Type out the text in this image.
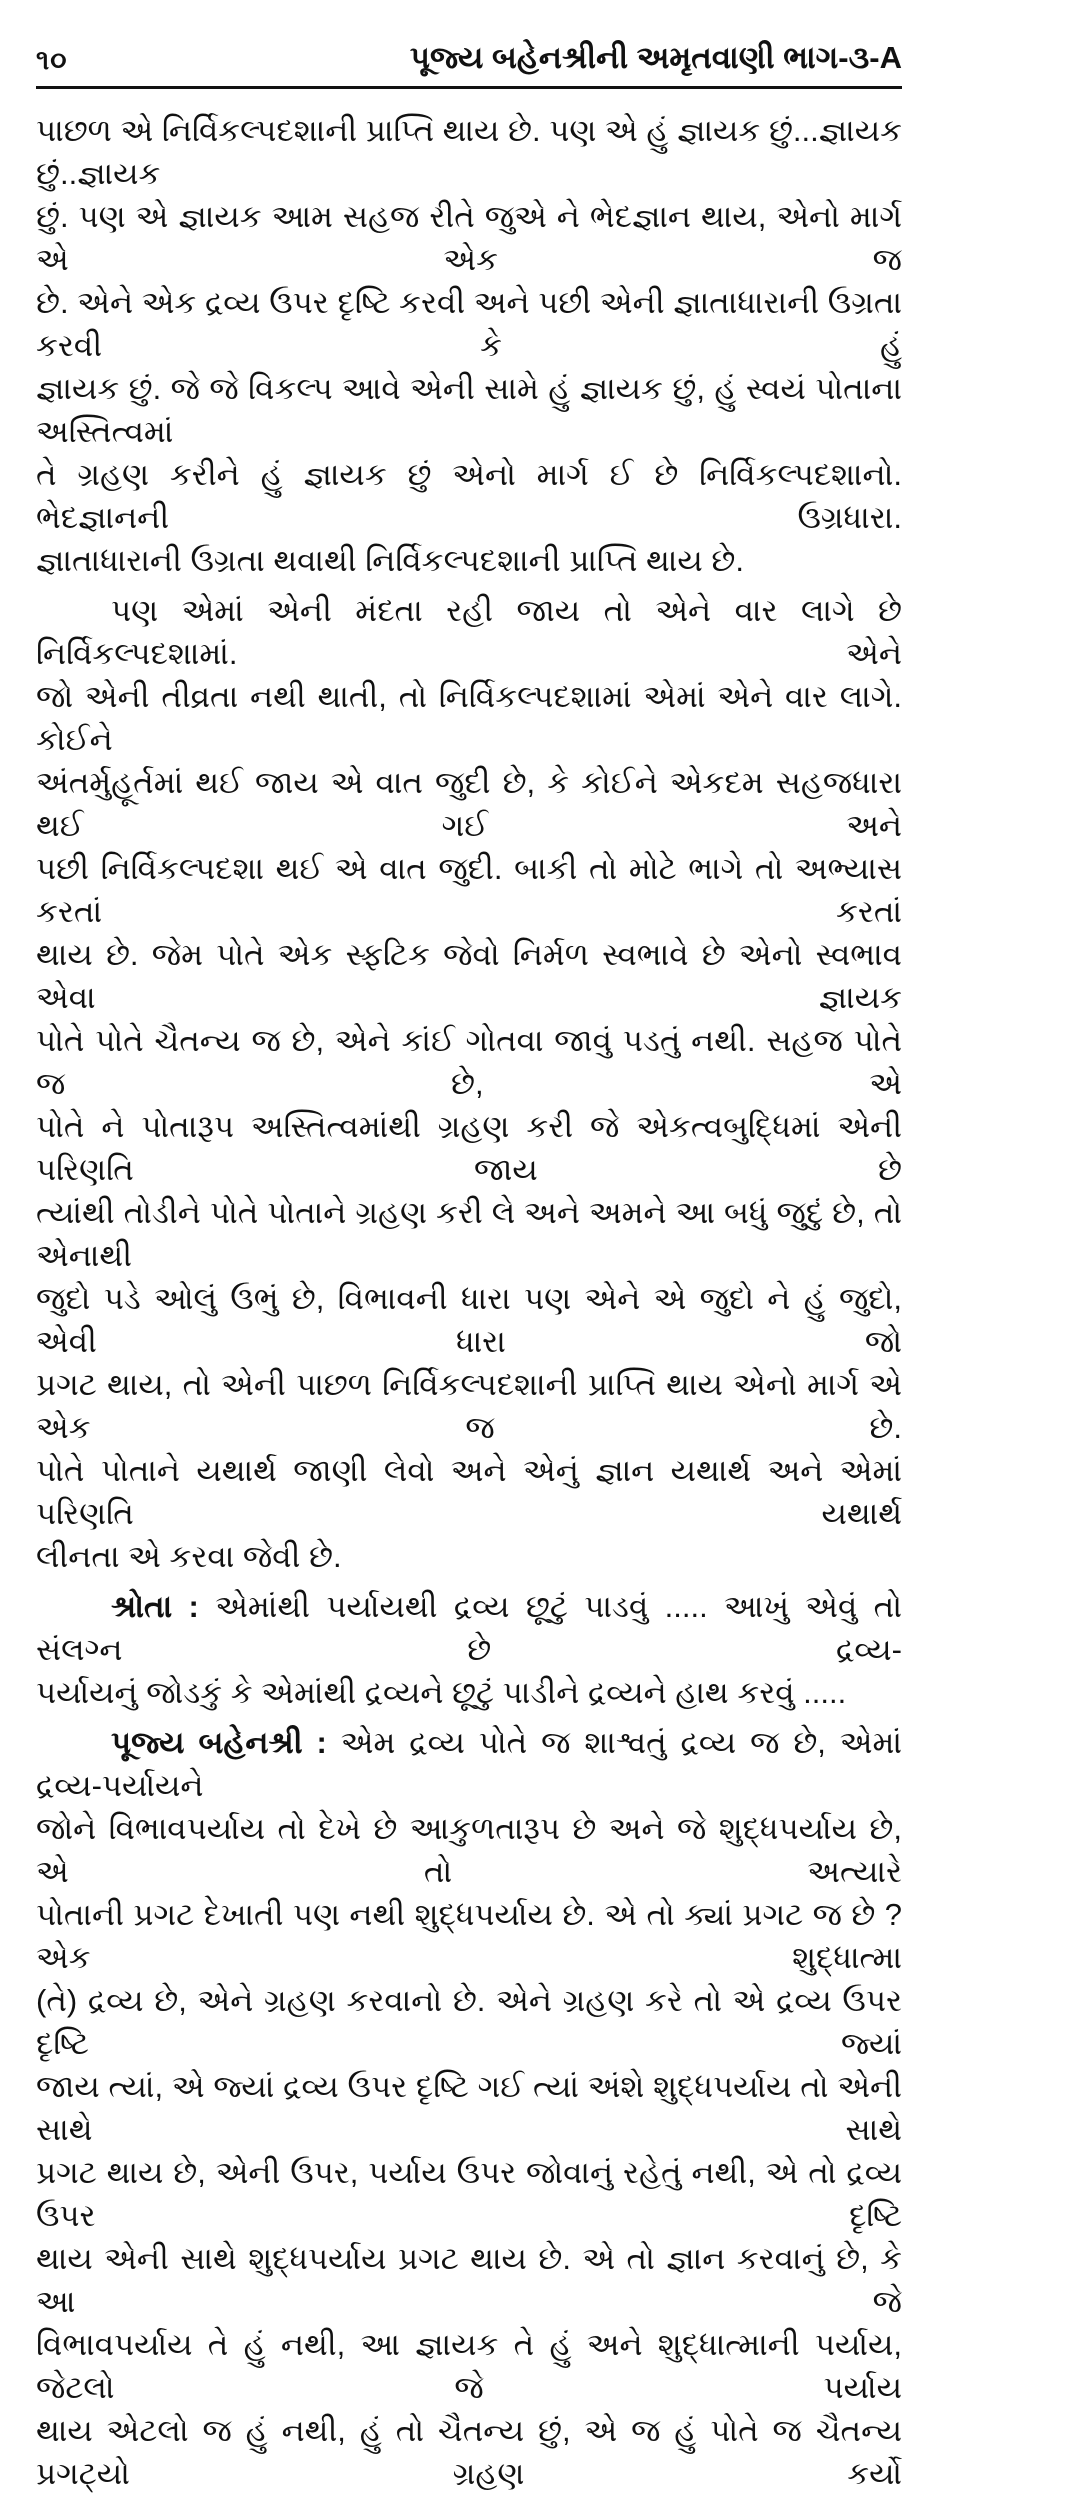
૧૦	પૂજ્ય બહેનશ્રીની અમૃતવાણી ભાગ-૩-A
પાછળ એ નિર્વિકલ્પદશાની પ્રાપ્તિ થાય છે. પણ એ હું જ્ઞાયક છું...જ્ઞાયક છું..જ્ઞાયક
છું. પણ એ જ્ઞાયક આમ સહજ રીતે જુએ ને ભેદજ્ઞાન થાય, એનો માર્ગ એ એક જ
છે. એને એક દ્રવ્ય ઉપર દૃષ્ટિ કરવી અને પછી એની જ્ઞાતાધારાની ઉગ્રતા કરવી કે હું
જ્ઞાયક છું. જે જે વિકલ્પ આવે એની સામે હું જ્ઞાયક છું, હું સ્વયં પોતાના અસ્તિત્વમાં
તે ગ્રહણ કરીને હું જ્ઞાયક છું એનો માર્ગ ઈ છે નિર્વિકલ્પદશાનો. ભેદજ્ઞાનની ઉગ્રધારા.
જ્ઞાતાધારાની ઉગ્રતા થવાથી નિર્વિકલ્પદશાની પ્રાપ્તિ થાય છે.
પણ એમાં એની મંદતા રહી જાય તો એને વાર લાગે છે નિર્વિકલ્પદશામાં. એને
જો એની તીવ્રતા નથી થાતી, તો નિર્વિકલ્પદશામાં એમાં એને વાર લાગે. કોઈને
અંતર્મુહૂર્તમાં થઈ જાય એ વાત જુદી છે, કે કોઈને એકદમ સહજધારા થઈ ગઈ અને
પછી નિર્વિકલ્પદશા થઈ એ વાત જુદી. બાકી તો મોટે ભાગે તો અભ્યાસ કરતાં કરતાં
થાય છે. જેમ પોતે એક સ્ફટિક જેવો નિર્મળ સ્વભાવે છે એનો સ્વભાવ એવા જ્ઞાયક
પોતે પોતે ચૈતન્ય જ છે, એને કાંઈ ગોતવા જાવું પડતું નથી. સહજ પોતે જ છે, એ
પોતે ને પોતારૂપ અસ્તિત્વમાંથી ગ્રહણ કરી જે એકત્વબુદ્ધિમાં એની પરિણતિ જાય છે
ત્યાંથી તોડીને પોતે પોતાને ગ્રહણ કરી લે અને અમને આ બધું જુદું છે, તો એનાથી
જુદો પડે ઓલું ઉભું છે, વિભાવની ધારા પણ એને એ જુદો ને હું જુદો, એવી ધારા જો
પ્રગટ થાય, તો એની પાછળ નિર્વિકલ્પદશાની પ્રાપ્તિ થાય એનો માર્ગ એ એક જ છે.
પોતે પોતાને યથાર્થ જાણી લેવો અને એનું જ્ઞાન યથાર્થ અને એમાં પરિણતિ યથાર્થ
લીનતા એ કરવા જેવી છે.
શ્રોતા : એમાંથી પર્યાયથી દ્રવ્ય છૂટું પાડવું ..... આખું એવું તો સંલગ્ન છે દ્રવ્ય-
પર્યાયનું જોડકું કે એમાંથી દ્રવ્યને છૂટું પાડીને દ્રવ્યને હાથ કરવું .....
પૂજ્ય બહેનશ્રી : એમ દ્રવ્ય પોતે જ શાશ્વતું દ્રવ્ય જ છે, એમાં દ્રવ્ય-પર્યાયને
જોને વિભાવપર્યાય તો દેખે છે આકુળતારૂપ છે અને જે શુદ્ધપર્યાય છે, એ તો અત્યારે
પોતાની પ્રગટ દેખાતી પણ નથી શુદ્ધપર્યાય છે. એ તો ક્યાં પ્રગટ જ છે ? એક શુદ્ધાત્મા
(તે) દ્રવ્ય છે, એને ગ્રહણ કરવાનો છે. એને ગ્રહણ કરે તો એ દ્રવ્ય ઉપર દૃષ્ટિ જ્યાં
જાય ત્યાં, એ જ્યાં દ્રવ્ય ઉપર દૃષ્ટિ ગઈ ત્યાં અંશે શુદ્ધપર્યાય તો એની સાથે સાથે
પ્રગટ થાય છે, એની ઉપર, પર્યાય ઉપર જોવાનું રહેતું નથી, એ તો દ્રવ્ય ઉપર દૃષ્ટિ
થાય એની સાથે શુદ્ધપર્યાય પ્રગટ થાય છે. એ તો જ્ઞાન કરવાનું છે, કે આ જે
વિભાવપર્યાય તે હું નથી, આ જ્ઞાયક તે હું અને શુદ્ધાત્માની પર્યાય, જેટલો જે પર્યાય
થાય એટલો જ હું નથી, હું તો ચૈતન્ય છું, એ જ હું પોતે જ ચૈતન્ય પ્રગટ્યો ગ્રહણ કર્યો
